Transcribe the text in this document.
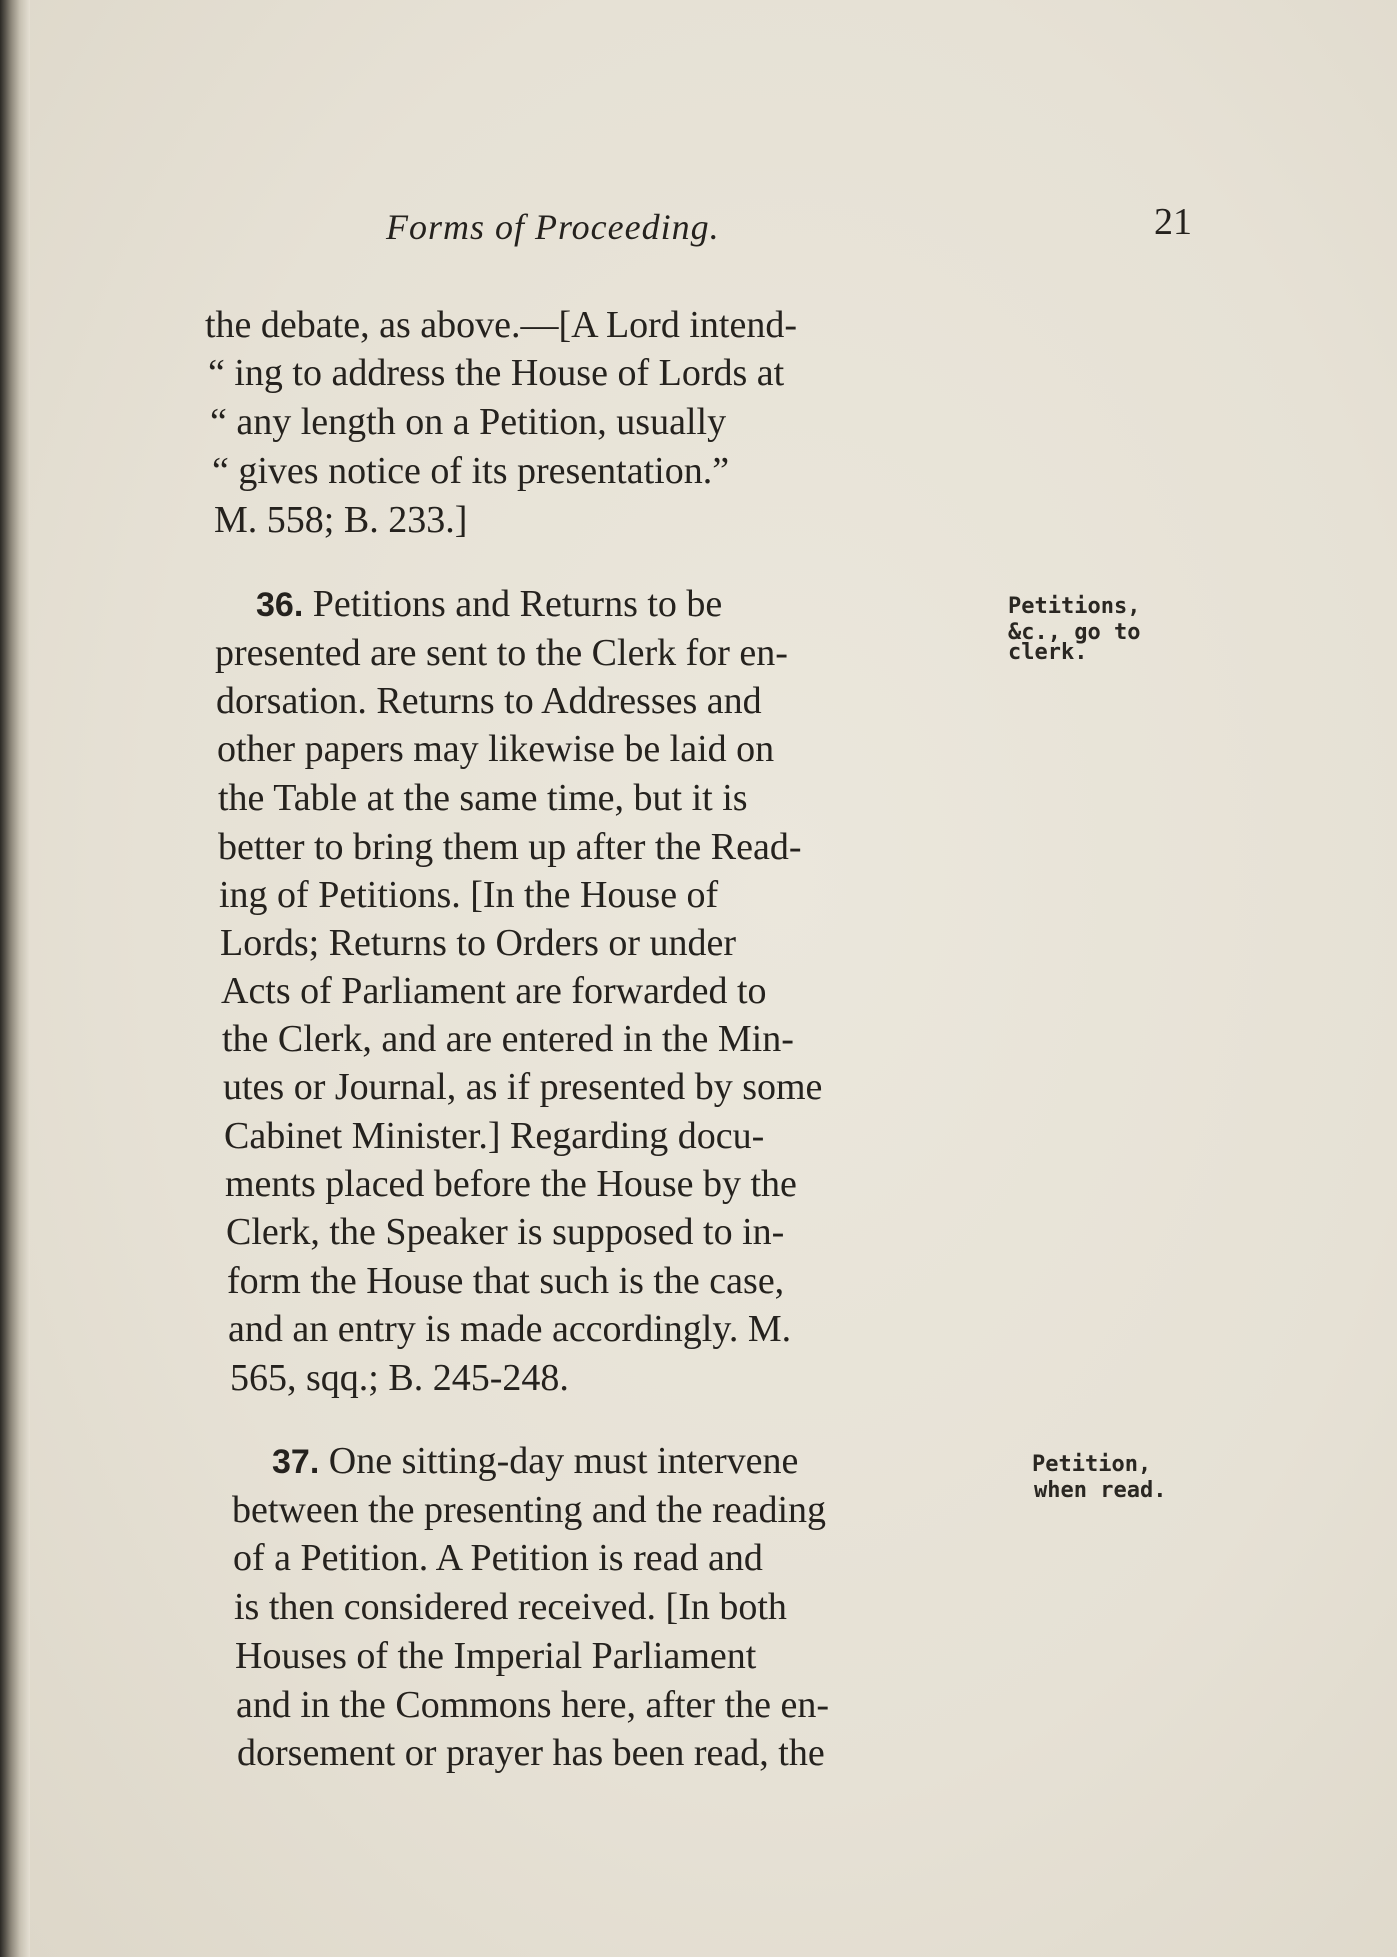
Forms of Proceeding.	21
the debate, as above.—[A Lord intend-
“ ing to address the House of Lords at
“ any length on a Petition, usually
“ gives notice of its presentation.”
M. 558; B. 233.]
36. Petitions and Returns to be
presented are sent to the Clerk for en-
dorsation. Returns to Addresses and
other papers may likewise be laid on
the Table at the same time, but it is
better to bring them up after the Read-
ing of Petitions. [In the House of
Lords; Returns to Orders or under
Acts of Parliament are forwarded to
the Clerk, and are entered in the Min-
utes or Journal, as if presented by some
Cabinet Minister.] Regarding docu-
ments placed before the House by the
Clerk, the Speaker is supposed to in-
form the House that such is the case,
and an entry is made accordingly. M.
565, sqq.; B. 245-248.
37. One sitting-day must intervene
between the presenting and the reading
of a Petition. A Petition is read and
is then considered received. [In both
Houses of the Imperial Parliament
and in the Commons here, after the en-
dorsement or prayer has been read, the
Petitions,
&c., go to
clerk.
Petition,
when read.
